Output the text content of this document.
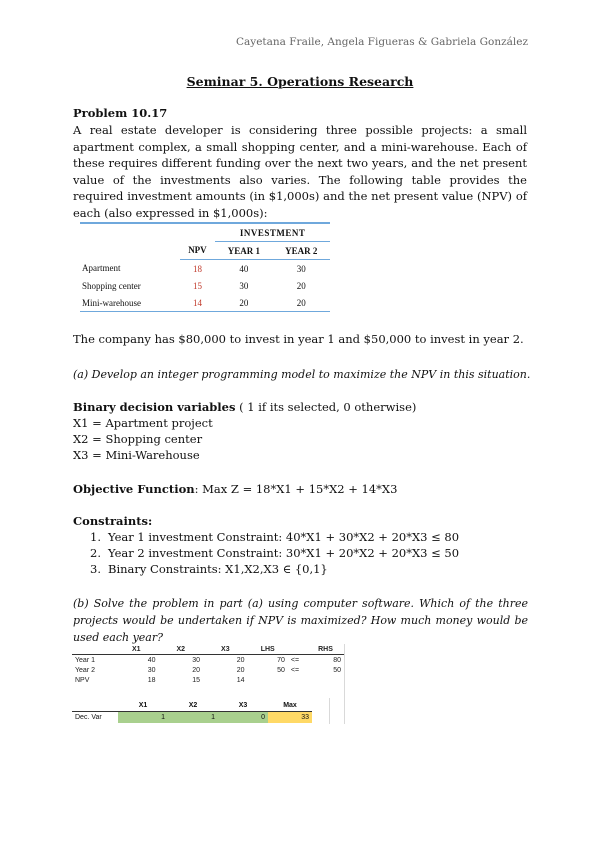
Cayetana Fraile, Angela Figueras & Gabriela González
Seminar 5. Operations Research
Problem 10.17
A real estate developer is considering three possible projects: a small apartment complex, a small shopping center, and a mini-warehouse. Each of these requires different funding over the next two years, and the net present value of the investments also varies. The following table provides the required investment amounts (in $1,000s) and the net present value (NPV) of each (also expressed in $1,000s):
		INVESTMENT	
	NPV	YEAR 1	YEAR 2
Apartment	18	40	30
Shopping center	15	30	20
Mini-warehouse	14	20	20
The company has $80,000 to invest in year 1 and $50,000 to invest in year 2.
(a) Develop an integer programming model to maximize the NPV in this situation.
Binary decision variables ( 1 if its selected, 0 otherwise)
X1 = Apartment project
X2 = Shopping center
X3 = Mini-Warehouse
Objective Function: Max Z = 18*X1 + 15*X2 + 14*X3
Constraints:
1. Year 1 investment Constraint: 40*X1 + 30*X2 + 20*X3 ≤ 80
2. Year 2 investment Constraint: 30*X1 + 20*X2 + 20*X3 ≤ 50
3. Binary Constraints: X1,X2,X3 ∈ {0,1}
(b) Solve the problem in part (a) using computer software. Which of the three projects would be undertaken if NPV is maximized? How much money would be used each year?
	X1	X2	X3	LHS		RHS
Year 1	40	30	20	70	<=	80
Year 2	30	20	20	50	<=	50
NPV	18	15	14			
	X1	X2	X3	Max
Dec. Var	1	1	0	33
